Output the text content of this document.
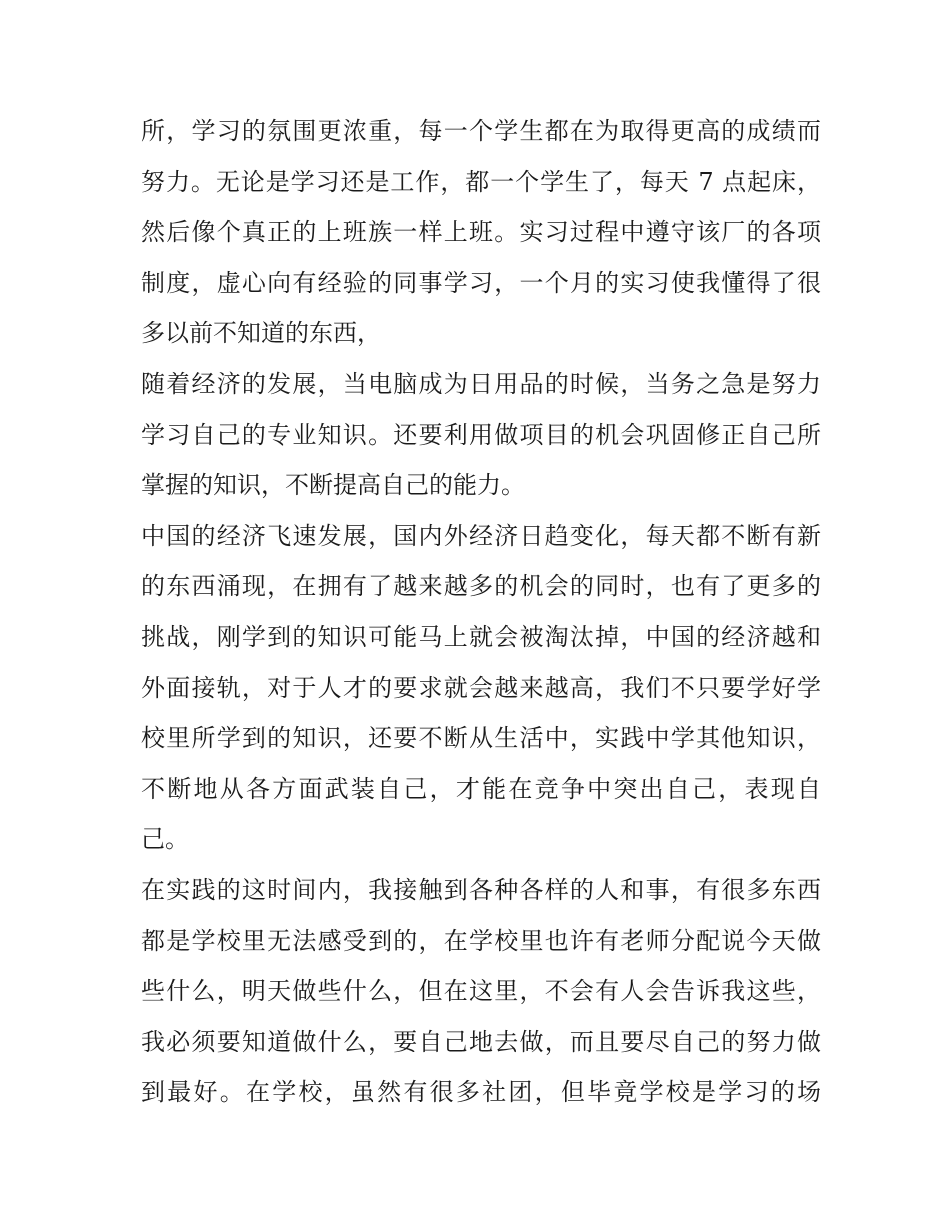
所，学习的氛围更浓重，每一个学生都在为取得更高的成绩而
努力。无论是学习还是工作，都一个学生了，每天 7 点起床，
然后像个真正的上班族一样上班。实习过程中遵守该厂的各项
制度，虚心向有经验的同事学习，一个月的实习使我懂得了很
多以前不知道的东西，
随着经济的发展，当电脑成为日用品的时候，当务之急是努力
学习自己的专业知识。还要利用做项目的机会巩固修正自己所
掌握的知识，不断提高自己的能力。
中国的经济飞速发展，国内外经济日趋变化，每天都不断有新
的东西涌现，在拥有了越来越多的机会的同时，也有了更多的
挑战，刚学到的知识可能马上就会被淘汰掉，中国的经济越和
外面接轨，对于人才的要求就会越来越高，我们不只要学好学
校里所学到的知识，还要不断从生活中，实践中学其他知识，
不断地从各方面武装自己，才能在竞争中突出自己，表现自
己。
在实践的这时间内，我接触到各种各样的人和事，有很多东西
都是学校里无法感受到的，在学校里也许有老师分配说今天做
些什么，明天做些什么，但在这里，不会有人会告诉我这些，
我必须要知道做什么，要自己地去做，而且要尽自己的努力做
到最好。在学校，虽然有很多社团，但毕竟学校是学习的场
